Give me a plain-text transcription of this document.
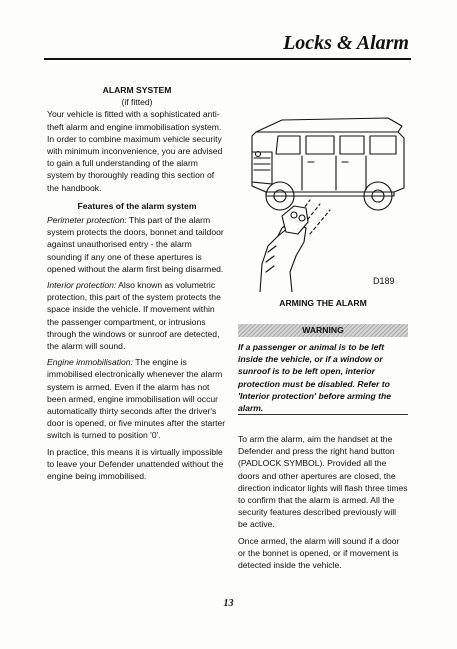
Locks & Alarm

ALARM SYSTEM

(if fitted)

Your vehicle is fitted with a sophisticated anti-theft alarm and engine immobilisation system. In order to combine maximum vehicle security with minimum inconvenience, you are advised to gain a full understanding of the alarm system by thoroughly reading this section of the handbook.

Features of the alarm system

Perimeter protection: This part of the alarm system protects the doors, bonnet and taildoor against unauthorised entry - the alarm sounding if any one of these apertures is opened without the alarm first being disarmed.

Interior protection: Also known as volumetric protection, this part of the system protects the space inside the vehicle. If movement within the passenger compartment, or intrusions through the windows or sunroof are detected, the alarm will sound.

Engine immobilisation: The engine is immobilised electronically whenever the alarm system is armed. Even if the alarm has not been armed, engine immobilisation will occur automatically thirty seconds after the driver's door is opened, or five minutes after the starter switch is turned to position '0'.

In practice, this means it is virtually impossible to leave your Defender unattended without the engine being immobilised.

D189
ARMING THE ALARM
WARNING
If a passenger or animal is to be left inside the vehicle, or if a window or sunroof is to be left open, interior protection must be disabled. Refer to 'Interior protection' before arming the alarm.

To arm the alarm, aim the handset at the Defender and press the right hand button (PADLOCK SYMBOL). Provided all the doors and other apertures are closed, the direction indicator lights will flash three times to confirm that the alarm is armed. All the security features described previously will be active.

Once armed, the alarm will sound if a door or the bonnet is opened, or if movement is detected inside the vehicle.

13
